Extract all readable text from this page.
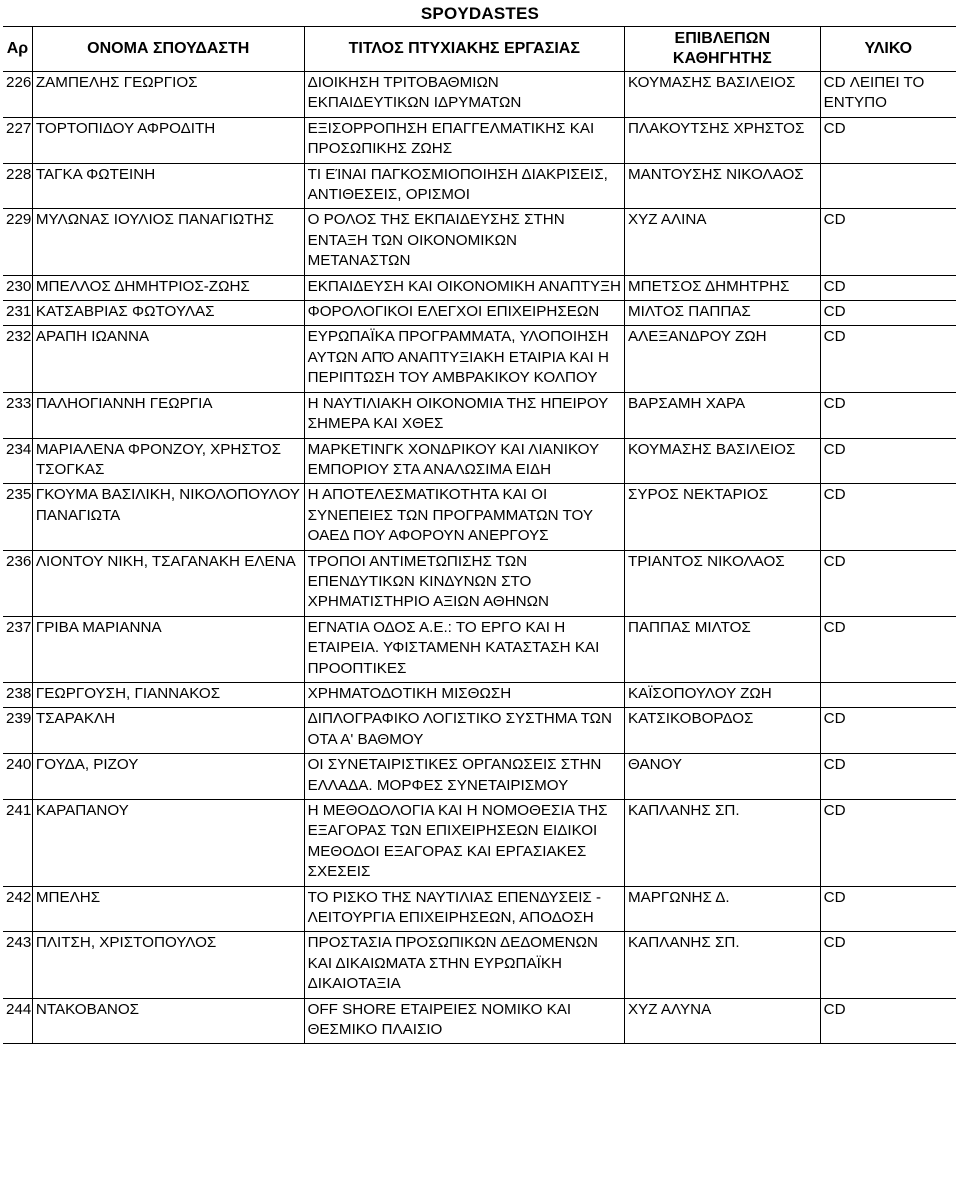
SPOYDASTES
Αρ	ΟΝΟΜΑ ΣΠΟΥΔΑΣΤΗ	ΤΙΤΛΟΣ ΠΤΥΧΙΑΚΗΣ ΕΡΓΑΣΙΑΣ	ΕΠΙΒΛΕΠΩΝ ΚΑΘΗΓΗΤΗΣ	ΥΛΙΚΟ
226	ΖΑΜΠΕΛΗΣ ΓΕΩΡΓΙΟΣ	ΔΙΟΙΚΗΣΗ ΤΡΙΤΟΒΑΘΜΙΩΝ ΕΚΠΑΙΔΕΥΤΙΚΩΝ ΙΔΡΥΜΑΤΩΝ	ΚΟΥΜΑΣΗΣ ΒΑΣΙΛΕΙΟΣ	CD ΛΕΙΠΕΙ ΤΟ ΕΝΤΥΠΟ
227	ΤΟΡΤΟΠΙΔΟΥ ΑΦΡΟΔΙΤΗ	ΕΞΙΣΟΡΡΟΠΗΣΗ ΕΠΑΓΓΕΛΜΑΤΙΚΗΣ ΚΑΙ ΠΡΟΣΩΠΙΚΗΣ ΖΩΗΣ	ΠΛΑΚΟΥΤΣΗΣ ΧΡΗΣΤΟΣ	CD
228	ΤΑΓΚΑ ΦΩΤΕΙΝΗ	ΤΙ ΕΊΝΑΙ ΠΑΓΚΟΣΜΙΟΠΟΙΗΣΗ ΔΙΑΚΡΙΣΕΙΣ, ΑΝΤΙΘΕΣΕΙΣ, ΟΡΙΣΜΟΙ	ΜΑΝΤΟΥΣΗΣ ΝΙΚΟΛΑΟΣ	
229	ΜΥΛΩΝΑΣ ΙΟΥΛΙΟΣ ΠΑΝΑΓΙΩΤΗΣ	Ο ΡΟΛΟΣ ΤΗΣ ΕΚΠΑΙΔΕΥΣΗΣ ΣΤΗΝ ΕΝΤΑΞΗ ΤΩΝ ΟΙΚΟΝΟΜΙΚΩΝ ΜΕΤΑΝΑΣΤΩΝ	ΧΥΖ ΑΛΙΝΑ	CD
230	ΜΠΕΛΛΟΣ ΔΗΜΗΤΡΙΟΣ-ΖΩΗΣ	ΕΚΠΑΙΔΕΥΣΗ ΚΑΙ ΟΙΚΟΝΟΜΙΚΗ ΑΝΑΠΤΥΞΗ	ΜΠΕΤΣΟΣ ΔΗΜΗΤΡΗΣ	CD
231	ΚΑΤΣΑΒΡΙΑΣ ΦΩΤΟΥΛΑΣ	ΦΟΡΟΛΟΓΙΚΟΙ ΕΛΕΓΧΟΙ ΕΠΙΧΕΙΡΗΣΕΩΝ	ΜΙΛΤΟΣ ΠΑΠΠΑΣ	CD
232	ΑΡΑΠΗ ΙΩΑΝΝΑ	ΕΥΡΩΠΑΪΚΑ ΠΡΟΓΡΑΜΜΑΤΑ, ΥΛΟΠΟΙΗΣΗ ΑΥΤΩΝ ΑΠΌ ΑΝΑΠΤΥΞΙΑΚΗ ΕΤΑΙΡΙΑ ΚΑΙ Η ΠΕΡΙΠΤΩΣΗ ΤΟΥ ΑΜΒΡΑΚΙΚΟΥ ΚΟΛΠΟΥ	ΑΛΕΞΑΝΔΡΟΥ ΖΩΗ	CD
233	ΠΑΛΗΟΓΙΑΝΝΗ ΓΕΩΡΓΙΑ	Η ΝΑΥΤΙΛΙΑΚΗ ΟΙΚΟΝΟΜΙΑ ΤΗΣ ΗΠΕΙΡΟΥ ΣΗΜΕΡΑ ΚΑΙ ΧΘΕΣ	ΒΑΡΣΑΜΗ ΧΑΡΑ	CD
234	ΜΑΡΙΑΛΕΝΑ ΦΡΟΝΖΟΥ, ΧΡΗΣΤΟΣ ΤΣΟΓΚΑΣ	ΜΑΡΚΕΤΙΝΓΚ ΧΟΝΔΡΙΚΟΥ ΚΑΙ ΛΙΑΝΙΚΟΥ ΕΜΠΟΡΙΟΥ ΣΤΑ ΑΝΑΛΩΣΙΜΑ ΕΙΔΗ	ΚΟΥΜΑΣΗΣ ΒΑΣΙΛΕΙΟΣ	CD
235	ΓΚΟΥΜΑ ΒΑΣΙΛΙΚΗ, ΝΙΚΟΛΟΠΟΥΛΟΥ ΠΑΝΑΓΙΩΤΑ	Η ΑΠΟΤΕΛΕΣΜΑΤΙΚΟΤΗΤΑ ΚΑΙ ΟΙ ΣΥΝΕΠΕΙΕΣ ΤΩΝ ΠΡΟΓΡΑΜΜΑΤΩΝ ΤΟΥ ΟΑΕΔ ΠΟΥ ΑΦΟΡΟΥΝ ΑΝΕΡΓΟΥΣ	ΣΥΡΟΣ ΝΕΚΤΑΡΙΟΣ	CD
236	ΛΙΟΝΤΟΥ ΝΙΚΗ, ΤΣΑΓΑΝΑΚΗ ΕΛΕΝΑ	ΤΡΟΠΟΙ ΑΝΤΙΜΕΤΩΠΙΣΗΣ ΤΩΝ ΕΠΕΝΔΥΤΙΚΩΝ ΚΙΝΔΥΝΩΝ ΣΤΟ ΧΡΗΜΑΤΙΣΤΗΡΙΟ ΑΞΙΩΝ ΑΘΗΝΩΝ	ΤΡΙΑΝΤΟΣ ΝΙΚΟΛΑΟΣ	CD
237	ΓΡΙΒΑ ΜΑΡΙΑΝΝΑ	ΕΓΝΑΤΙΑ ΟΔΟΣ Α.Ε.: ΤΟ ΕΡΓΟ ΚΑΙ Η ΕΤΑΙΡΕΙΑ. ΥΦΙΣΤΑΜΕΝΗ ΚΑΤΑΣΤΑΣΗ ΚΑΙ ΠΡΟΟΠΤΙΚΕΣ	ΠΑΠΠΑΣ ΜΙΛΤΟΣ	CD
238	ΓΕΩΡΓΟΥΣΗ, ΓΙΑΝΝΑΚΟΣ	ΧΡΗΜΑΤΟΔΟΤΙΚΗ ΜΙΣΘΩΣΗ	ΚΑΪΣΟΠΟΥΛΟΥ ΖΩΗ	
239	ΤΣΑΡΑΚΛΗ	ΔΙΠΛΟΓΡΑΦΙΚΟ ΛΟΓΙΣΤΙΚΟ ΣΥΣΤΗΜΑ ΤΩΝ ΟΤΑ Α' ΒΑΘΜΟΥ	ΚΑΤΣΙΚΟΒΟΡΔΟΣ	CD
240	ΓΟΥΔΑ, ΡΙΖΟΥ	ΟΙ ΣΥΝΕΤΑΙΡΙΣΤΙΚΕΣ ΟΡΓΑΝΩΣΕΙΣ ΣΤΗΝ ΕΛΛΑΔΑ. ΜΟΡΦΕΣ ΣΥΝΕΤΑΙΡΙΣΜΟΥ	ΘΑΝΟΥ	CD
241	ΚΑΡΑΠΑΝΟΥ	Η ΜΕΘΟΔΟΛΟΓΙΑ ΚΑΙ Η ΝΟΜΟΘΕΣΙΑ ΤΗΣ ΕΞΑΓΟΡΑΣ ΤΩΝ ΕΠΙΧΕΙΡΗΣΕΩΝ ΕΙΔΙΚΟΙ ΜΕΘΟΔΟΙ ΕΞΑΓΟΡΑΣ ΚΑΙ ΕΡΓΑΣΙΑΚΕΣ ΣΧΕΣΕΙΣ	ΚΑΠΛΑΝΗΣ ΣΠ.	CD
242	ΜΠΕΛΗΣ	ΤΟ ΡΙΣΚΟ ΤΗΣ ΝΑΥΤΙΛΙΑΣ ΕΠΕΝΔΥΣΕΙΣ - ΛΕΙΤΟΥΡΓΙΑ ΕΠΙΧΕΙΡΗΣΕΩΝ, ΑΠΟΔΟΣΗ	ΜΑΡΓΩΝΗΣ Δ.	CD
243	ΠΛΙΤΣΗ, ΧΡΙΣΤΟΠΟΥΛΟΣ	ΠΡΟΣΤΑΣΙΑ ΠΡΟΣΩΠΙΚΩΝ ΔΕΔΟΜΕΝΩΝ ΚΑΙ ΔΙΚΑΙΩΜΑΤΑ ΣΤΗΝ ΕΥΡΩΠΑΪΚΗ ΔΙΚΑΙΟΤΑΞΙΑ	ΚΑΠΛΑΝΗΣ ΣΠ.	CD
244	ΝΤΑΚΟΒΑΝΟΣ	OFF SHORE ΕΤΑΙΡΕΙΕΣ ΝΟΜΙΚΟ ΚΑΙ ΘΕΣΜΙΚΟ ΠΛΑΙΣΙΟ	ΧΥΖ ΑΛΥΝΑ	CD
